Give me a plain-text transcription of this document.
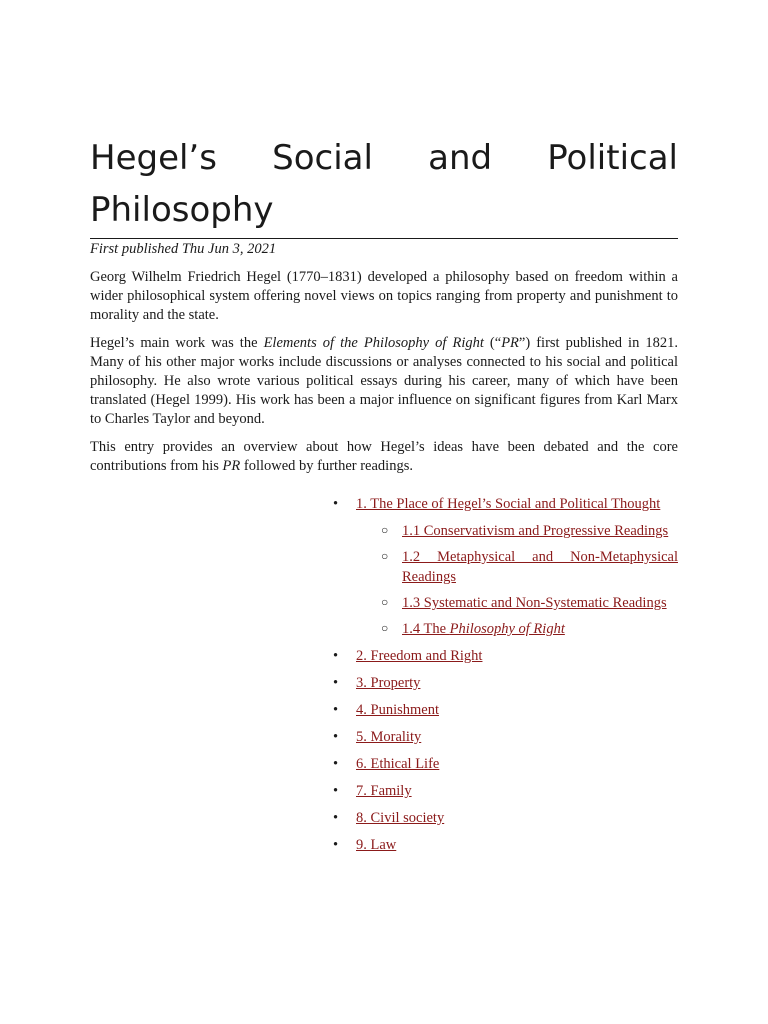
Hegel’s Social and Political Philosophy
First published Thu Jun 3, 2021

Georg Wilhelm Friedrich Hegel (1770–1831) developed a philosophy based on freedom within a wider philosophical system offering novel views on topics ranging from property and punishment to morality and the state.

Hegel’s main work was the Elements of the Philosophy of Right (“PR”) first published in 1821. Many of his other major works include discussions or analyses connected to his social and political philosophy. He also wrote various political essays during his career, many of which have been translated (Hegel 1999). His work has been a major influence on significant figures from Karl Marx to Charles Taylor and beyond.

This entry provides an overview about how Hegel’s ideas have been debated and the core contributions from his PR followed by further readings.

• 1. The Place of Hegel’s Social and Political Thought
○ 1.1 Conservativism and Progressive Readings
○ 1.2 Metaphysical and Non-Metaphysical Readings
○ 1.3 Systematic and Non-Systematic Readings
○ 1.4 The Philosophy of Right
• 2. Freedom and Right
• 3. Property
• 4. Punishment
• 5. Morality
• 6. Ethical Life
• 7. Family
• 8. Civil society
• 9. Law
